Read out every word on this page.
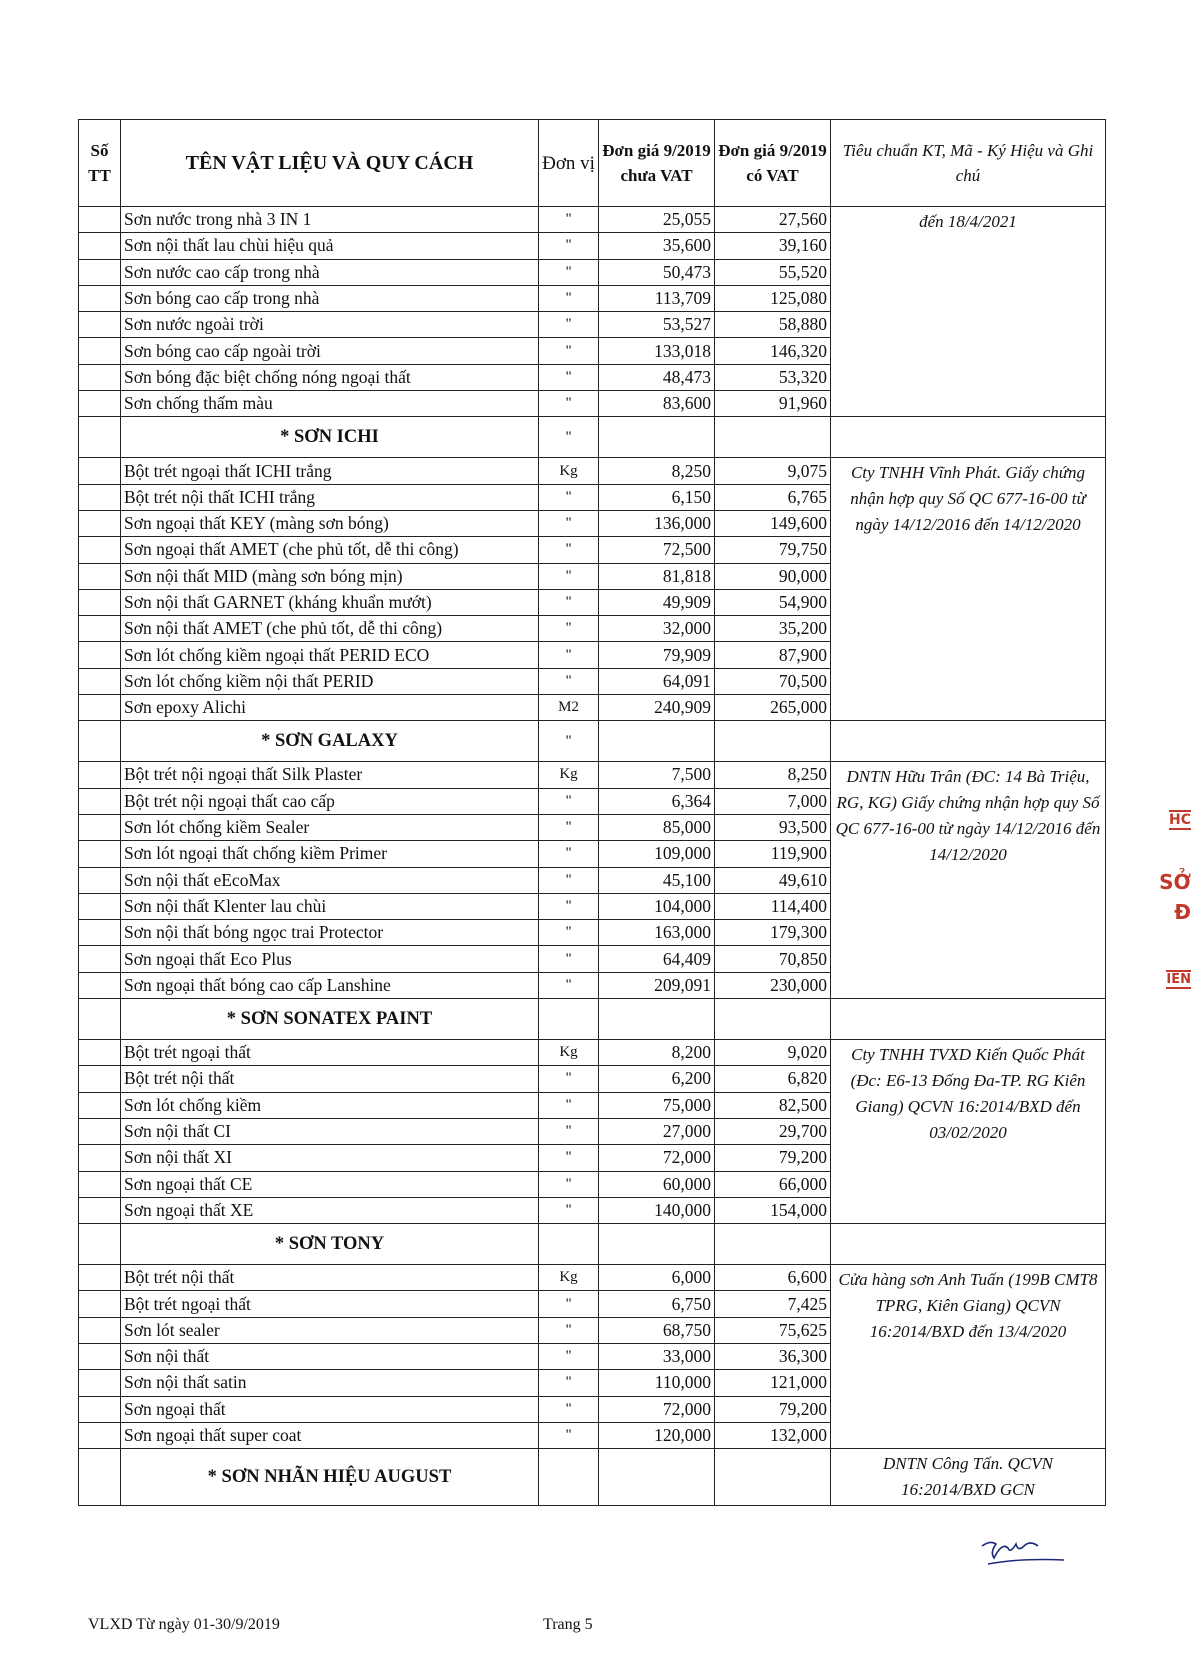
Số TT	TÊN VẬT LIỆU VÀ QUY CÁCH	Đơn vị	Đơn giá 9/2019 chưa VAT	Đơn giá 9/2019 có VAT	Tiêu chuẩn KT, Mã - Ký Hiệu và Ghi chú
	Sơn nước trong nhà 3 IN 1	"	25,055	27,560	đến 18/4/2021
	Sơn nội thất lau chùi hiệu quả	"	35,600	39,160	
	Sơn nước cao cấp trong nhà	"	50,473	55,520	
	Sơn bóng cao cấp trong nhà	"	113,709	125,080	
	Sơn nước ngoài trời	"	53,527	58,880	
	Sơn bóng cao cấp ngoài trời	"	133,018	146,320	
	Sơn bóng đặc biệt chống nóng ngoại thất	"	48,473	53,320	
	Sơn chống thấm màu	"	83,600	91,960	
	* SƠN ICHI	"			
	Bột trét ngoại thất ICHI trắng	Kg	8,250	9,075	Cty TNHH Vĩnh Phát. Giấy chứng nhận hợp quy Số QC 677-16-00 từ ngày 14/12/2016 đến 14/12/2020
	Bột trét nội thất ICHI trắng	"	6,150	6,765	
	Sơn ngoại thất KEY (màng sơn bóng)	"	136,000	149,600	
	Sơn ngoại thất AMET (che phủ tốt, dễ thi công)	"	72,500	79,750	
	Sơn nội thất MID (màng sơn bóng mịn)	"	81,818	90,000	
	Sơn nội thất GARNET (kháng khuẩn mướt)	"	49,909	54,900	
	Sơn nội thất AMET (che phủ tốt, dễ thi công)	"	32,000	35,200	
	Sơn lót chống kiềm ngoại thất PERID ECO	"	79,909	87,900	
	Sơn lót chống kiềm nội thất PERID	"	64,091	70,500	
	Sơn epoxy Alichi	M2	240,909	265,000	
	* SƠN GALAXY	"			
	Bột trét nội ngoại thất Silk Plaster	Kg	7,500	8,250	DNTN Hữu Trân (ĐC: 14 Bà Triệu, RG, KG) Giấy chứng nhận hợp quy Số QC 677-16-00 từ ngày 14/12/2016 đến 14/12/2020
	Bột trét nội ngoại thất cao cấp	"	6,364	7,000	
	Sơn lót chống kiềm Sealer	"	85,000	93,500	
	Sơn lót ngoại thất chống kiềm Primer	"	109,000	119,900	
	Sơn nội thất eEcoMax	"	45,100	49,610	
	Sơn nội thất Klenter lau chùi	"	104,000	114,400	
	Sơn nội thất bóng ngọc trai Protector	"	163,000	179,300	
	Sơn ngoại thất Eco Plus	"	64,409	70,850	
	Sơn ngoại thất bóng cao cấp Lanshine	"	209,091	230,000	
	* SƠN SONATEX PAINT				
	Bột trét ngoại thất	Kg	8,200	9,020	Cty TNHH TVXD Kiến Quốc Phát (Đc: E6-13 Đống Đa-TP. RG Kiên Giang) QCVN 16:2014/BXD đến 03/02/2020
	Bột trét nội thất	"	6,200	6,820	
	Sơn lót chống kiềm	"	75,000	82,500	
	Sơn nội thất CI	"	27,000	29,700	
	Sơn nội thất XI	"	72,000	79,200	
	Sơn ngoại thất CE	"	60,000	66,000	
	Sơn ngoại thất XE	"	140,000	154,000	
	* SƠN TONY				
	Bột trét nội thất	Kg	6,000	6,600	Cửa hàng sơn Anh Tuấn (199B CMT8 TPRG, Kiên Giang) QCVN 16:2014/BXD đến 13/4/2020
	Bột trét ngoại thất	"	6,750	7,425	
	Sơn lót sealer	"	68,750	75,625	
	Sơn nội thất	"	33,000	36,300	
	Sơn nội thất satin	"	110,000	121,000	
	Sơn ngoại thất	"	72,000	79,200	
	Sơn ngoại thất super coat	"	120,000	132,000	
	* SƠN NHÃN HIỆU AUGUST				DNTN Công Tấn. QCVN 16:2014/BXD GCN
VLXD Từ ngày 01-30/9/2019	Trang 5
HC
SỞ
Đ
IÊN
